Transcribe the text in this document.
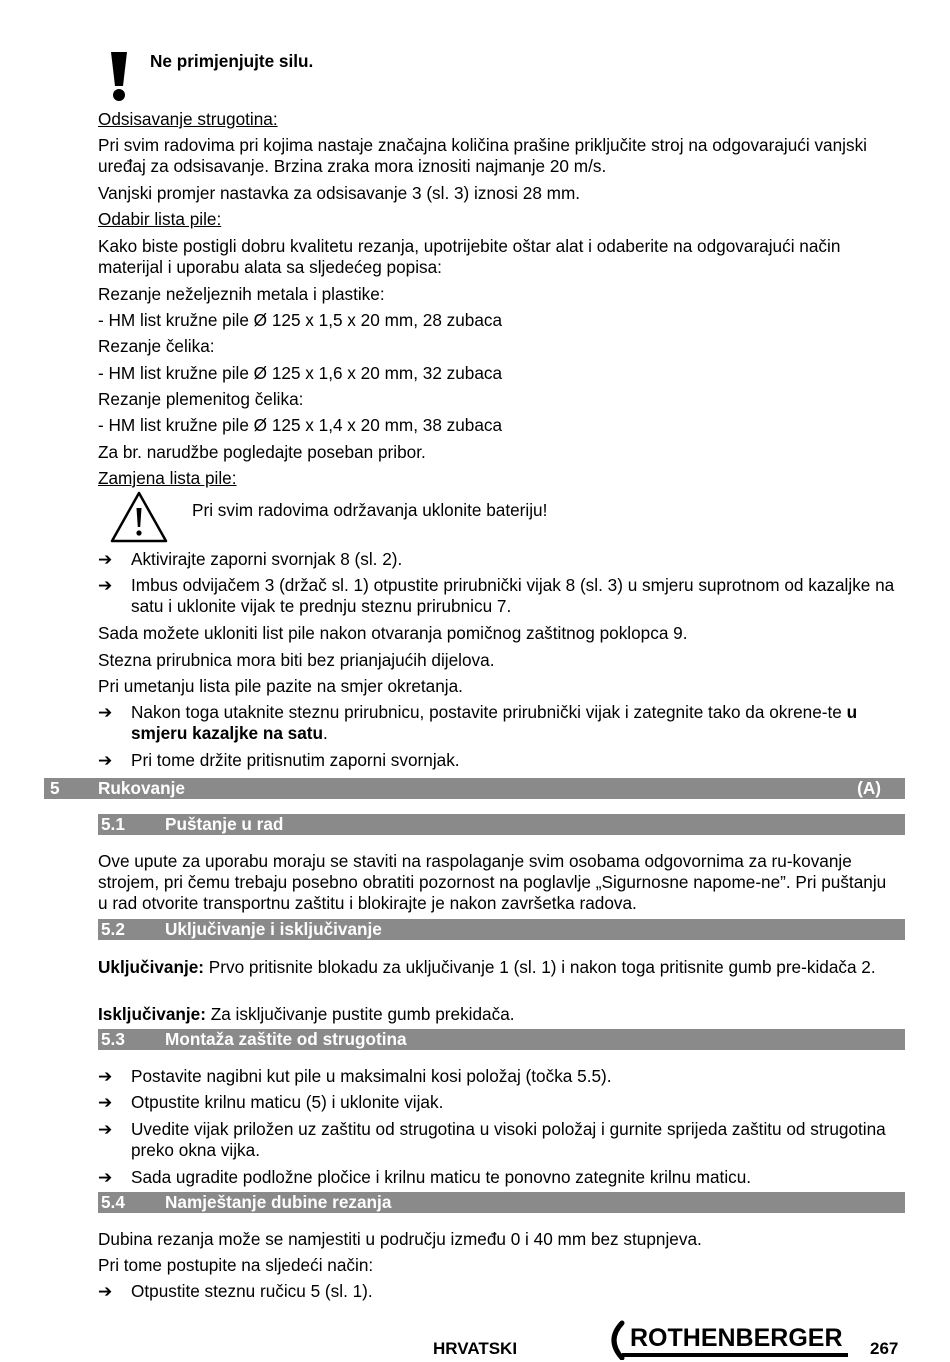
Ne primjenjujte silu.
Odsisavanje strugotina:
Pri svim radovima pri kojima nastaje značajna količina prašine priključite stroj na odgovarajući vanjski uređaj za odsisavanje. Brzina zraka mora iznositi najmanje 20 m/s.
Vanjski promjer nastavka za odsisavanje 3 (sl. 3) iznosi 28 mm.
Odabir lista pile:
Kako biste postigli dobru kvalitetu rezanja, upotrijebite oštar alat i odaberite na odgovarajući način materijal i uporabu alata sa sljedećeg popisa:
Rezanje neželjeznih metala i plastike:
- HM list kružne pile Ø 125 x 1,5 x 20 mm, 28 zubaca
Rezanje čelika:
- HM list kružne pile Ø 125 x 1,6 x 20 mm, 32 zubaca
Rezanje plemenitog čelika:
- HM list kružne pile Ø 125 x 1,4 x 20 mm, 38 zubaca
Za br. narudžbe pogledajte poseban pribor.
Zamjena lista pile:
Pri svim radovima održavanja uklonite bateriju!
➔ Aktivirajte zaporni svornjak 8 (sl. 2).
➔ Imbus odvijačem 3 (držač sl. 1) otpustite prirubnički vijak 8 (sl. 3) u smjeru suprotnom od kazaljke na satu i uklonite vijak te prednju steznu prirubnicu 7.
Sada možete ukloniti list pile nakon otvaranja pomičnog zaštitnog poklopca 9.
Stezna prirubnica mora biti bez prianjajućih dijelova.
Pri umetanju lista pile pazite na smjer okretanja.
➔ Nakon toga utaknite steznu prirubnicu, postavite prirubnički vijak i zategnite tako da okrene-te u smjeru kazaljke na satu.
➔ Pri tome držite pritisnutim zaporni svornjak.
5 Rukovanje	(A)
5.1 Puštanje u rad
Ove upute za uporabu moraju se staviti na raspolaganje svim osobama odgovornima za ru-kovanje strojem, pri čemu trebaju posebno obratiti pozornost na poglavlje „Sigurnosne napome-ne”. Pri puštanju u rad otvorite transportnu zaštitu i blokirajte je nakon završetka radova.
5.2 Uključivanje i isključivanje
Uključivanje: Prvo pritisnite blokadu za uključivanje 1 (sl. 1) i nakon toga pritisnite gumb pre-kidača 2.
Isključivanje: Za isključivanje pustite gumb prekidača.
5.3 Montaža zaštite od strugotina
➔ Postavite nagibni kut pile u maksimalni kosi položaj (točka 5.5).
➔ Otpustite krilnu maticu (5) i uklonite vijak.
➔ Uvedite vijak priložen uz zaštitu od strugotina u visoki položaj i gurnite sprijeda zaštitu od strugotina preko okna vijka.
➔ Sada ugradite podložne pločice i krilnu maticu te ponovno zategnite krilnu maticu.
5.4 Namještanje dubine rezanja
Dubina rezanja može se namjestiti u području između 0 i 40 mm bez stupnjeva.
Pri tome postupite na sljedeći način:
➔ Otpustite steznu ručicu 5 (sl. 1).
HRVATSKI	ROTHENBERGER 267
